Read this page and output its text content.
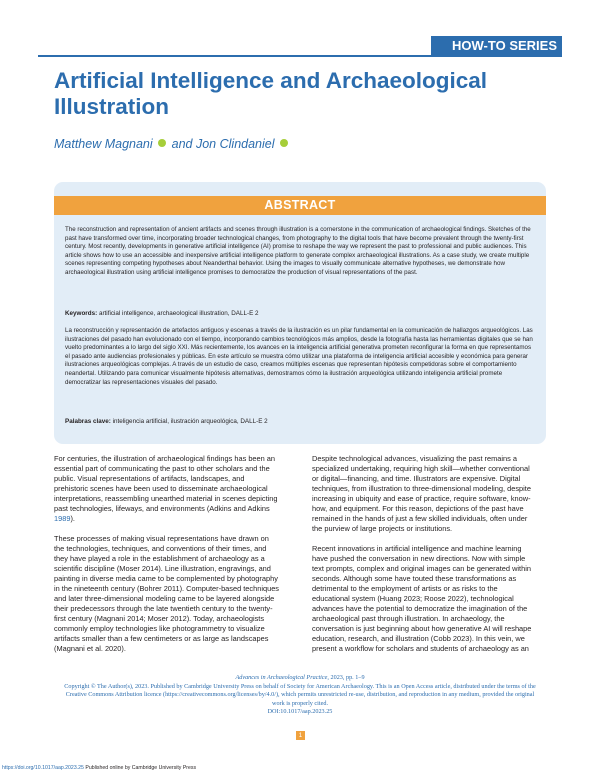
HOW-TO SERIES
Artificial Intelligence and Archaeological Illustration
Matthew Magnani and Jon Clindaniel
ABSTRACT

The reconstruction and representation of ancient artifacts and scenes through illustration is a cornerstone in the communication of archaeological findings. Sketches of the past have transformed over time, incorporating broader technological changes, from photography to the digital tools that have become prevalent through the twenty-first century. Most recently, developments in generative artificial intelligence (AI) promise to reshape the way we represent the past to professional and public audiences. This article shows how to use an accessible and inexpensive artificial intelligence platform to generate complex archaeological illustrations. As a case study, we create multiple scenes representing competing hypotheses about Neanderthal behavior. Using the images to visually communicate alternative hypotheses, we demonstrate how archaeological illustration using artificial intelligence promises to democratize the production of visual representations of the past.

Keywords: artificial intelligence, archaeological illustration, DALL-E 2

La reconstrucción y representación de artefactos antiguos y escenas a través de la ilustración es un pilar fundamental en la comunicación de hallazgos arqueológicos. Las ilustraciones del pasado han evolucionado con el tiempo, incorporando cambios tecnológicos más amplios, desde la fotografía hasta las herramientas digitales que se han vuelto predominantes a lo largo del siglo XXI. Más recientemente, los avances en la inteligencia artificial generativa prometen reconfigurar la forma en que representamos el pasado ante audiencias profesionales y públicas. En este artículo se muestra cómo utilizar una plataforma de inteligencia artificial accesible y económica para generar ilustraciones arqueológicas complejas. A través de un estudio de caso, creamos múltiples escenas que representan hipótesis competidoras sobre el comportamiento neandertal. Utilizando para comunicar visualmente hipótesis alternativas, demostramos cómo la ilustración arqueológica utilizando inteligencia artificial promete democratizar las representaciones visuales del pasado.

Palabras clave: inteligencia artificial, ilustración arqueológica, DALL-E 2

For centuries, the illustration of archaeological findings has been an essential part of communicating the past to other scholars and the public. Visual representations of artifacts, landscapes, and prehistoric scenes have been used to disseminate archaeological interpretations, reassembling unearthed material in scenes depicting past technologies, lifeways, and environments (Adkins and Adkins 1989).

These processes of making visual representations have drawn on the technologies, techniques, and conventions of their times, and they have played a role in the establishment of archaeology as a scientific discipline (Moser 2014). Line illustration, engravings, and painting in diverse media came to be complemented by photography in the nineteenth century (Bohrer 2011). Computer-based techniques and later three-dimensional modeling came to be layered alongside their predecessors through the late twentieth century to the twenty-first century (Magnani 2014; Moser 2012). Today, archaeologists commonly employ technologies like photogrammetry to visualize artifacts smaller than a few centimeters or as large as landscapes (Magnani et al. 2020).

Despite technological advances, visualizing the past remains a specialized undertaking, requiring high skill—whether conventional or digital—financing, and time. Illustrators are expensive. Digital techniques, from illustration to three-dimensional modeling, despite increasing in ubiquity and ease of practice, require software, know-how, and equipment. For this reason, depictions of the past have remained in the hands of just a few skilled individuals, often under the purview of large projects or institutions.

Recent innovations in artificial intelligence and machine learning have pushed the conversation in new directions. Now with simple text prompts, complex and original images can be generated within seconds. Although some have touted these transformations as detrimental to the employment of artists or as risks to the educational system (Huang 2023; Roose 2022), technological advances have the potential to democratize the imagination of the archaeological past through illustration. In archaeology, the conversation is just beginning about how generative AI will reshape education, research, and illustration (Cobb 2023). In this vein, we present a workflow for scholars and students of archaeology as an

Advances in Archaeological Practice, 2023, pp. 1–9
Copyright © The Author(s), 2023. Published by Cambridge University Press on behalf of Society for American Archaeology. This is an Open Access article, distributed under the terms of the Creative Commons Attribution licence (https://creativecommons.org/licenses/by/4.0/), which permits unrestricted re-use, distribution, and reproduction in any medium, provided the original work is properly cited.
DOI:10.1017/aap.2023.25
1
https://doi.org/10.1017/aap.2023.25 Published online by Cambridge University Press
